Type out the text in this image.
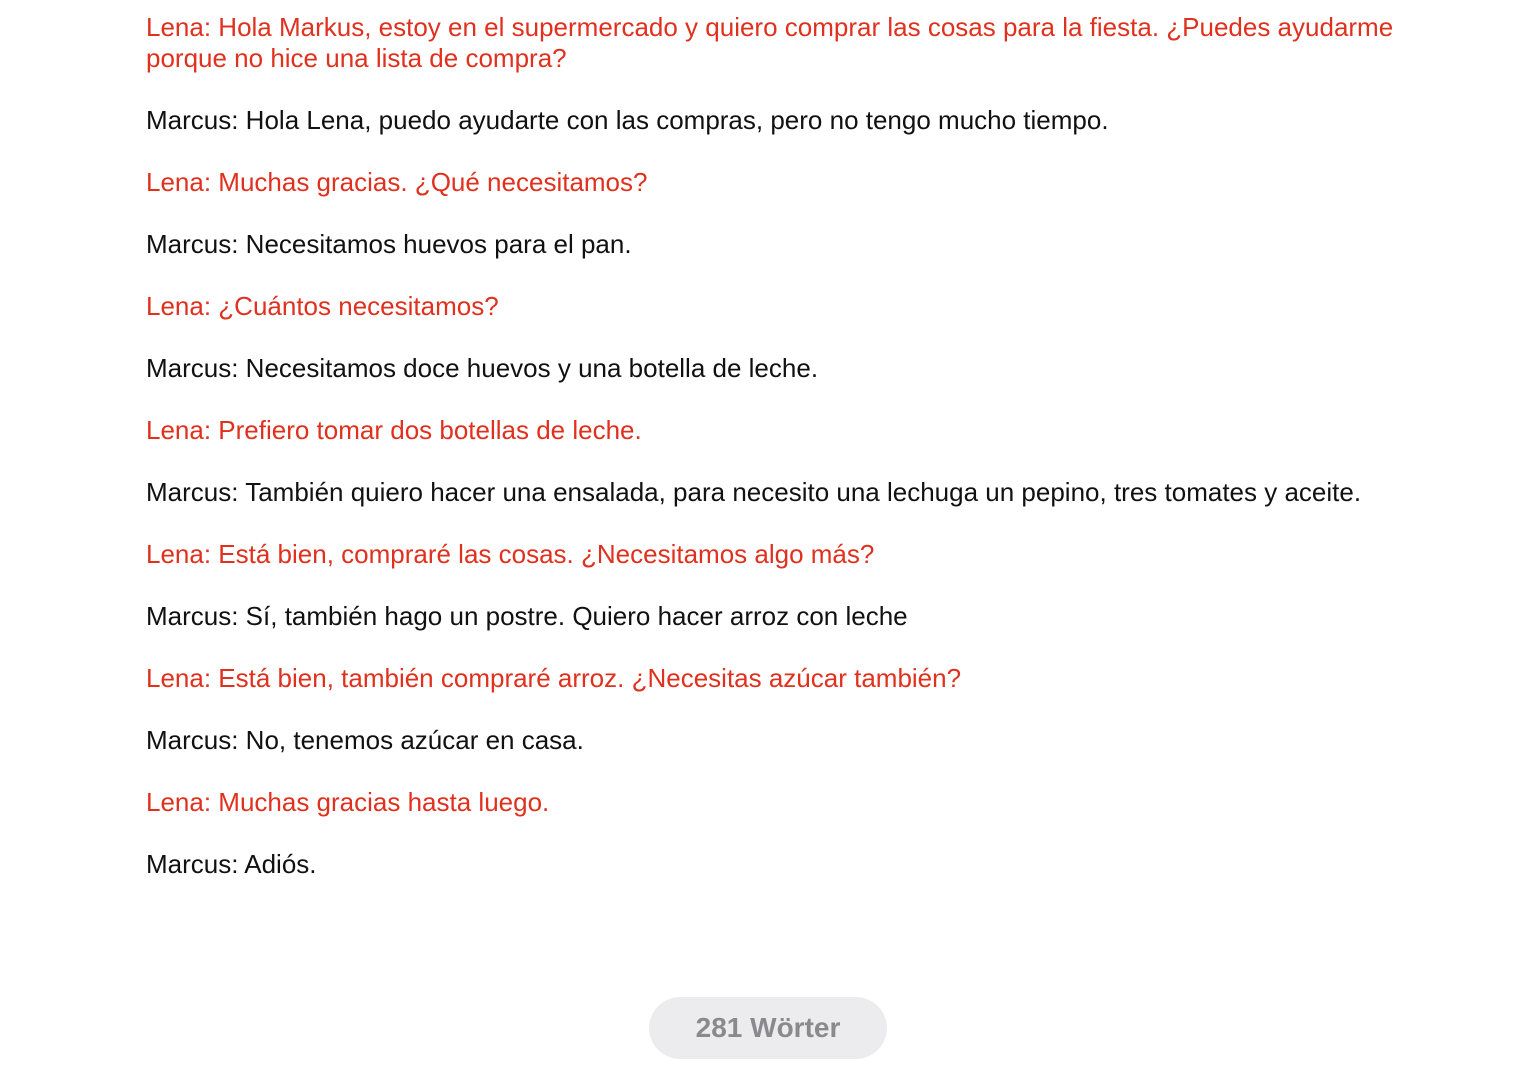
Lena: Hola Markus, estoy en el supermercado y quiero comprar las cosas para la fiesta. ¿Puedes ayudarme porque no hice una lista de compra?

Marcus: Hola Lena, puedo ayudarte con las compras, pero no tengo mucho tiempo.

Lena: Muchas gracias. ¿Qué necesitamos?

Marcus: Necesitamos huevos para el pan.

Lena: ¿Cuántos necesitamos?

Marcus: Necesitamos doce huevos y una botella de leche.

Lena: Prefiero tomar dos botellas de leche.

Marcus: También quiero hacer una ensalada, para necesito una lechuga un pepino, tres tomates y aceite.

Lena: Está bien, compraré las cosas. ¿Necesitamos algo más?

Marcus: Sí, también hago un postre. Quiero hacer arroz con leche

Lena: Está bien, también compraré arroz. ¿Necesitas azúcar también?

Marcus: No, tenemos azúcar en casa.

Lena: Muchas gracias hasta luego.

Marcus: Adiós.

281 Wörter
